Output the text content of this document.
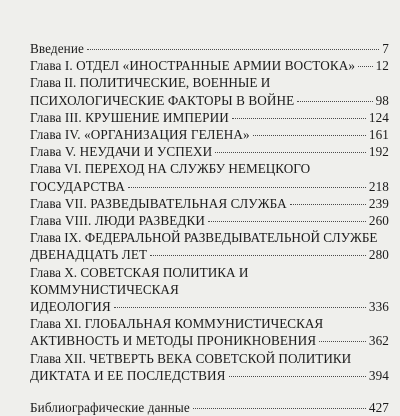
Введение	7
Глава I. ОТДЕЛ «ИНОСТРАННЫЕ АРМИИ ВОСТОКА» 12
Глава II. ПОЛИТИЧЕСКИЕ, ВОЕННЫЕ И
ПСИХОЛОГИЧЕСКИЕ ФАКТОРЫ В ВОЙНЕ	98
Глава III. КРУШЕНИЕ ИМПЕРИИ	124
Глава IV. «ОРГАНИЗАЦИЯ ГЕЛЕНА»	161
Глава V. НЕУДАЧИ И УСПЕХИ	192
Глава VI. ПЕРЕХОД НА СЛУЖБУ НЕМЕЦКОГО
ГОСУДАРСТВА	218
Глава VII. РАЗВЕДЫВАТЕЛЬНАЯ СЛУЖБА	239
Глава VIII. ЛЮДИ РАЗВЕДКИ	260
Глава IX. ФЕДЕРАЛЬНОЙ РАЗВЕДЫВАТЕЛЬНОЙ СЛУЖБЕ
ДВЕНАДЦАТЬ ЛЕТ	280
Глава X. СОВЕТСКАЯ ПОЛИТИКА И КОММУНИСТИЧЕСКАЯ
ИДЕОЛОГИЯ	336
Глава XI. ГЛОБАЛЬНАЯ КОММУНИСТИЧЕСКАЯ
АКТИВНОСТЬ И МЕТОДЫ ПРОНИКНОВЕНИЯ	362
Глава XII. ЧЕТВЕРТЬ ВЕКА СОВЕТСКОЙ ПОЛИТИКИ
ДИКТАТА И ЕЕ ПОСЛЕДСТВИЯ	394
Библиографические данные	427
